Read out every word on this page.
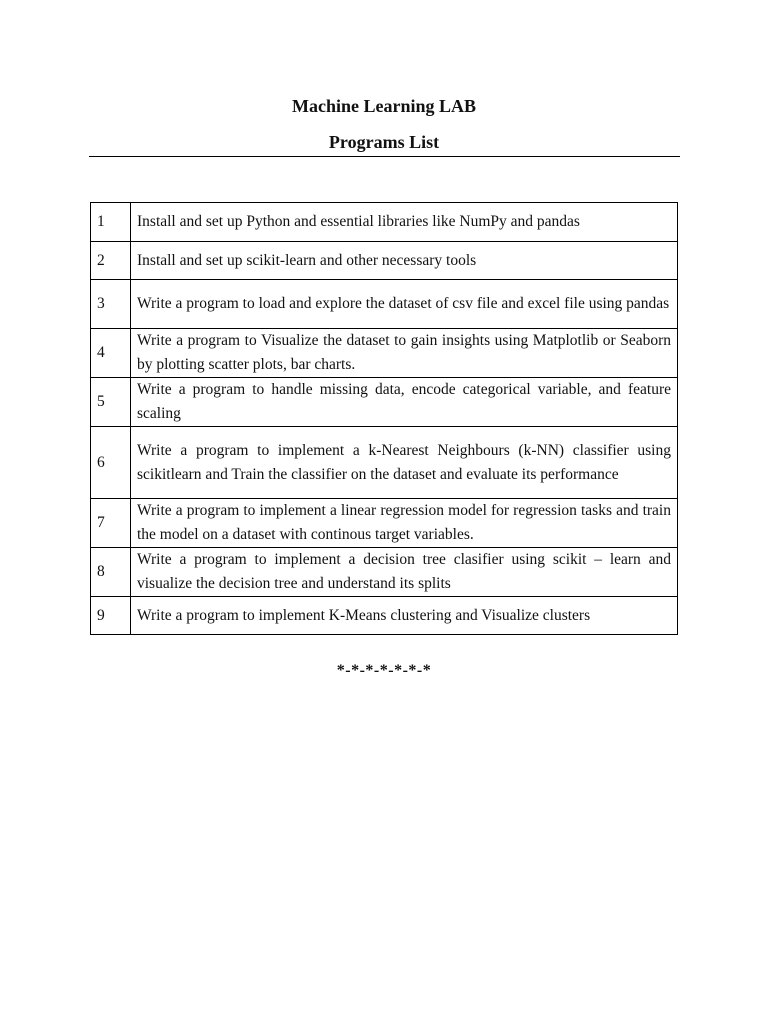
Machine Learning LAB
Programs List
1	Install and set up Python and essential libraries like NumPy and pandas
2	Install and set up scikit-learn and other necessary tools
3	Write a program to load and explore the dataset of csv file and excel file using pandas
4	Write a program to Visualize the dataset to gain insights using Matplotlib or Seaborn by plotting scatter plots, bar charts.
5	Write a program to handle missing data, encode categorical variable, and feature scaling
6	Write a program to implement a k-Nearest Neighbours (k-NN) classifier using scikitlearn and Train the classifier on the dataset and evaluate its performance
7	Write a program to implement a linear regression model for regression tasks and train the model on a dataset with continous target variables.
8	Write a program to implement a decision tree clasifier using scikit – learn and visualize the decision tree and understand its splits
9	Write a program to implement K-Means clustering and Visualize clusters
*-*-*-*-*-*-*
